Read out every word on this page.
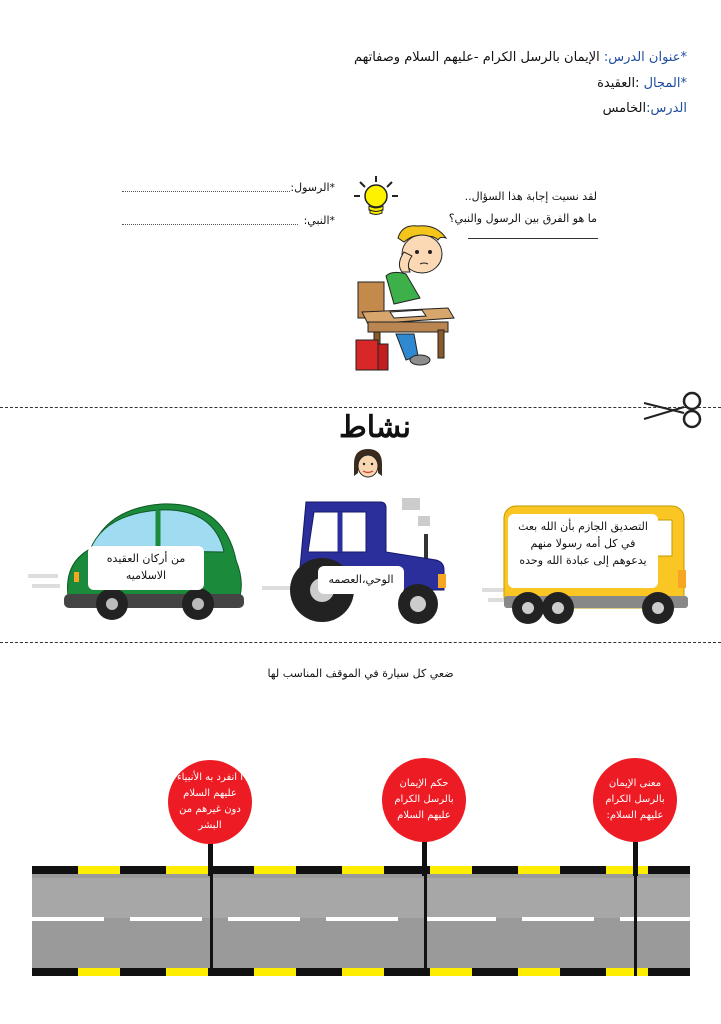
*عنوان الدرس: الإيمان بالرسل الكرام -عليهم السلام وصفاتهم
*المجال :العقيدة
الدرس:الخامس
لقد نسيت إجابة هذا السؤال..
ما هو الفرق بين الرسول والنبي؟
*الرسول:
*النبي:
نشاط
من أركان العقيده الاسلاميه	الوحي،العصمه
التصديق الجازم بأن الله بعث في كل أمه رسولا منهم يدعوهم إلى عبادة الله وحده
ضعي كل سيارة في الموقف المناسب لها
ا انفرد به الأنبياء عليهم السلام دون غيرهم من البشر
حكم الإيمان بالرسل الكرام عليهم السلام
معنى الإيمان بالرسل الكرام عليهم السلام:
